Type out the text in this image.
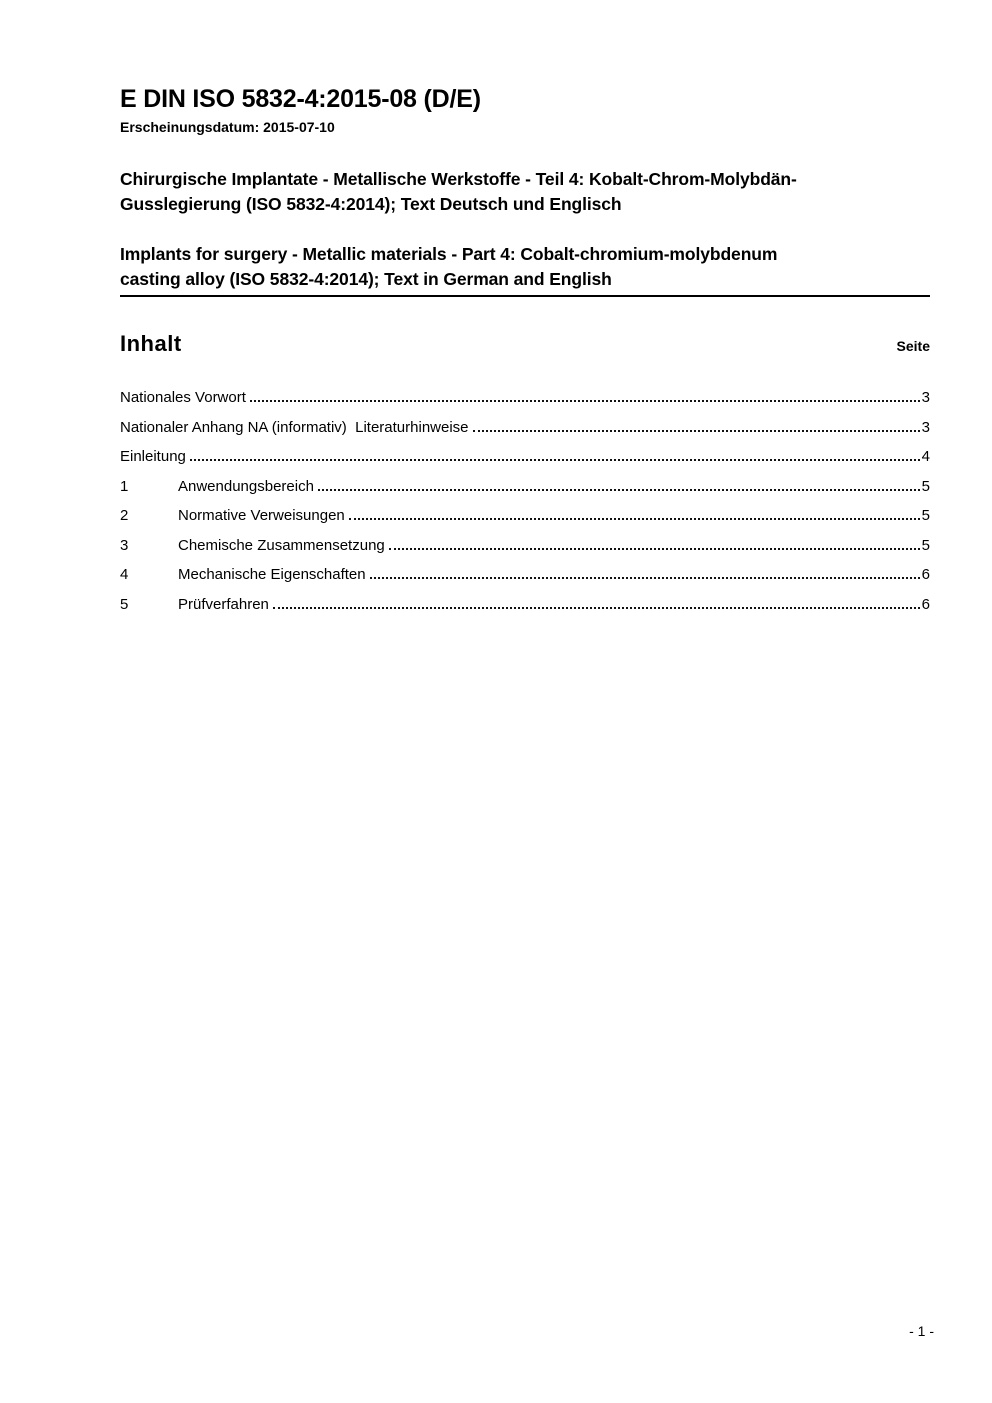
E DIN ISO 5832-4:2015-08 (D/E)
Erscheinungsdatum: 2015-07-10
Chirurgische Implantate - Metallische Werkstoffe - Teil 4: Kobalt-Chrom-Molybdän-
Gusslegierung (ISO 5832-4:2014); Text Deutsch und Englisch
Implants for surgery - Metallic materials - Part 4: Cobalt-chromium-molybdenum
casting alloy (ISO 5832-4:2014); Text in German and English
Inhalt	Seite
Nationales Vorwort	3
Nationaler Anhang NA (informativ)  Literaturhinweise	3
Einleitung	4
1	Anwendungsbereich	5
2	Normative Verweisungen	5
3	Chemische Zusammensetzung	5
4	Mechanische Eigenschaften	6
5	Prüfverfahren	6
- 1 -
